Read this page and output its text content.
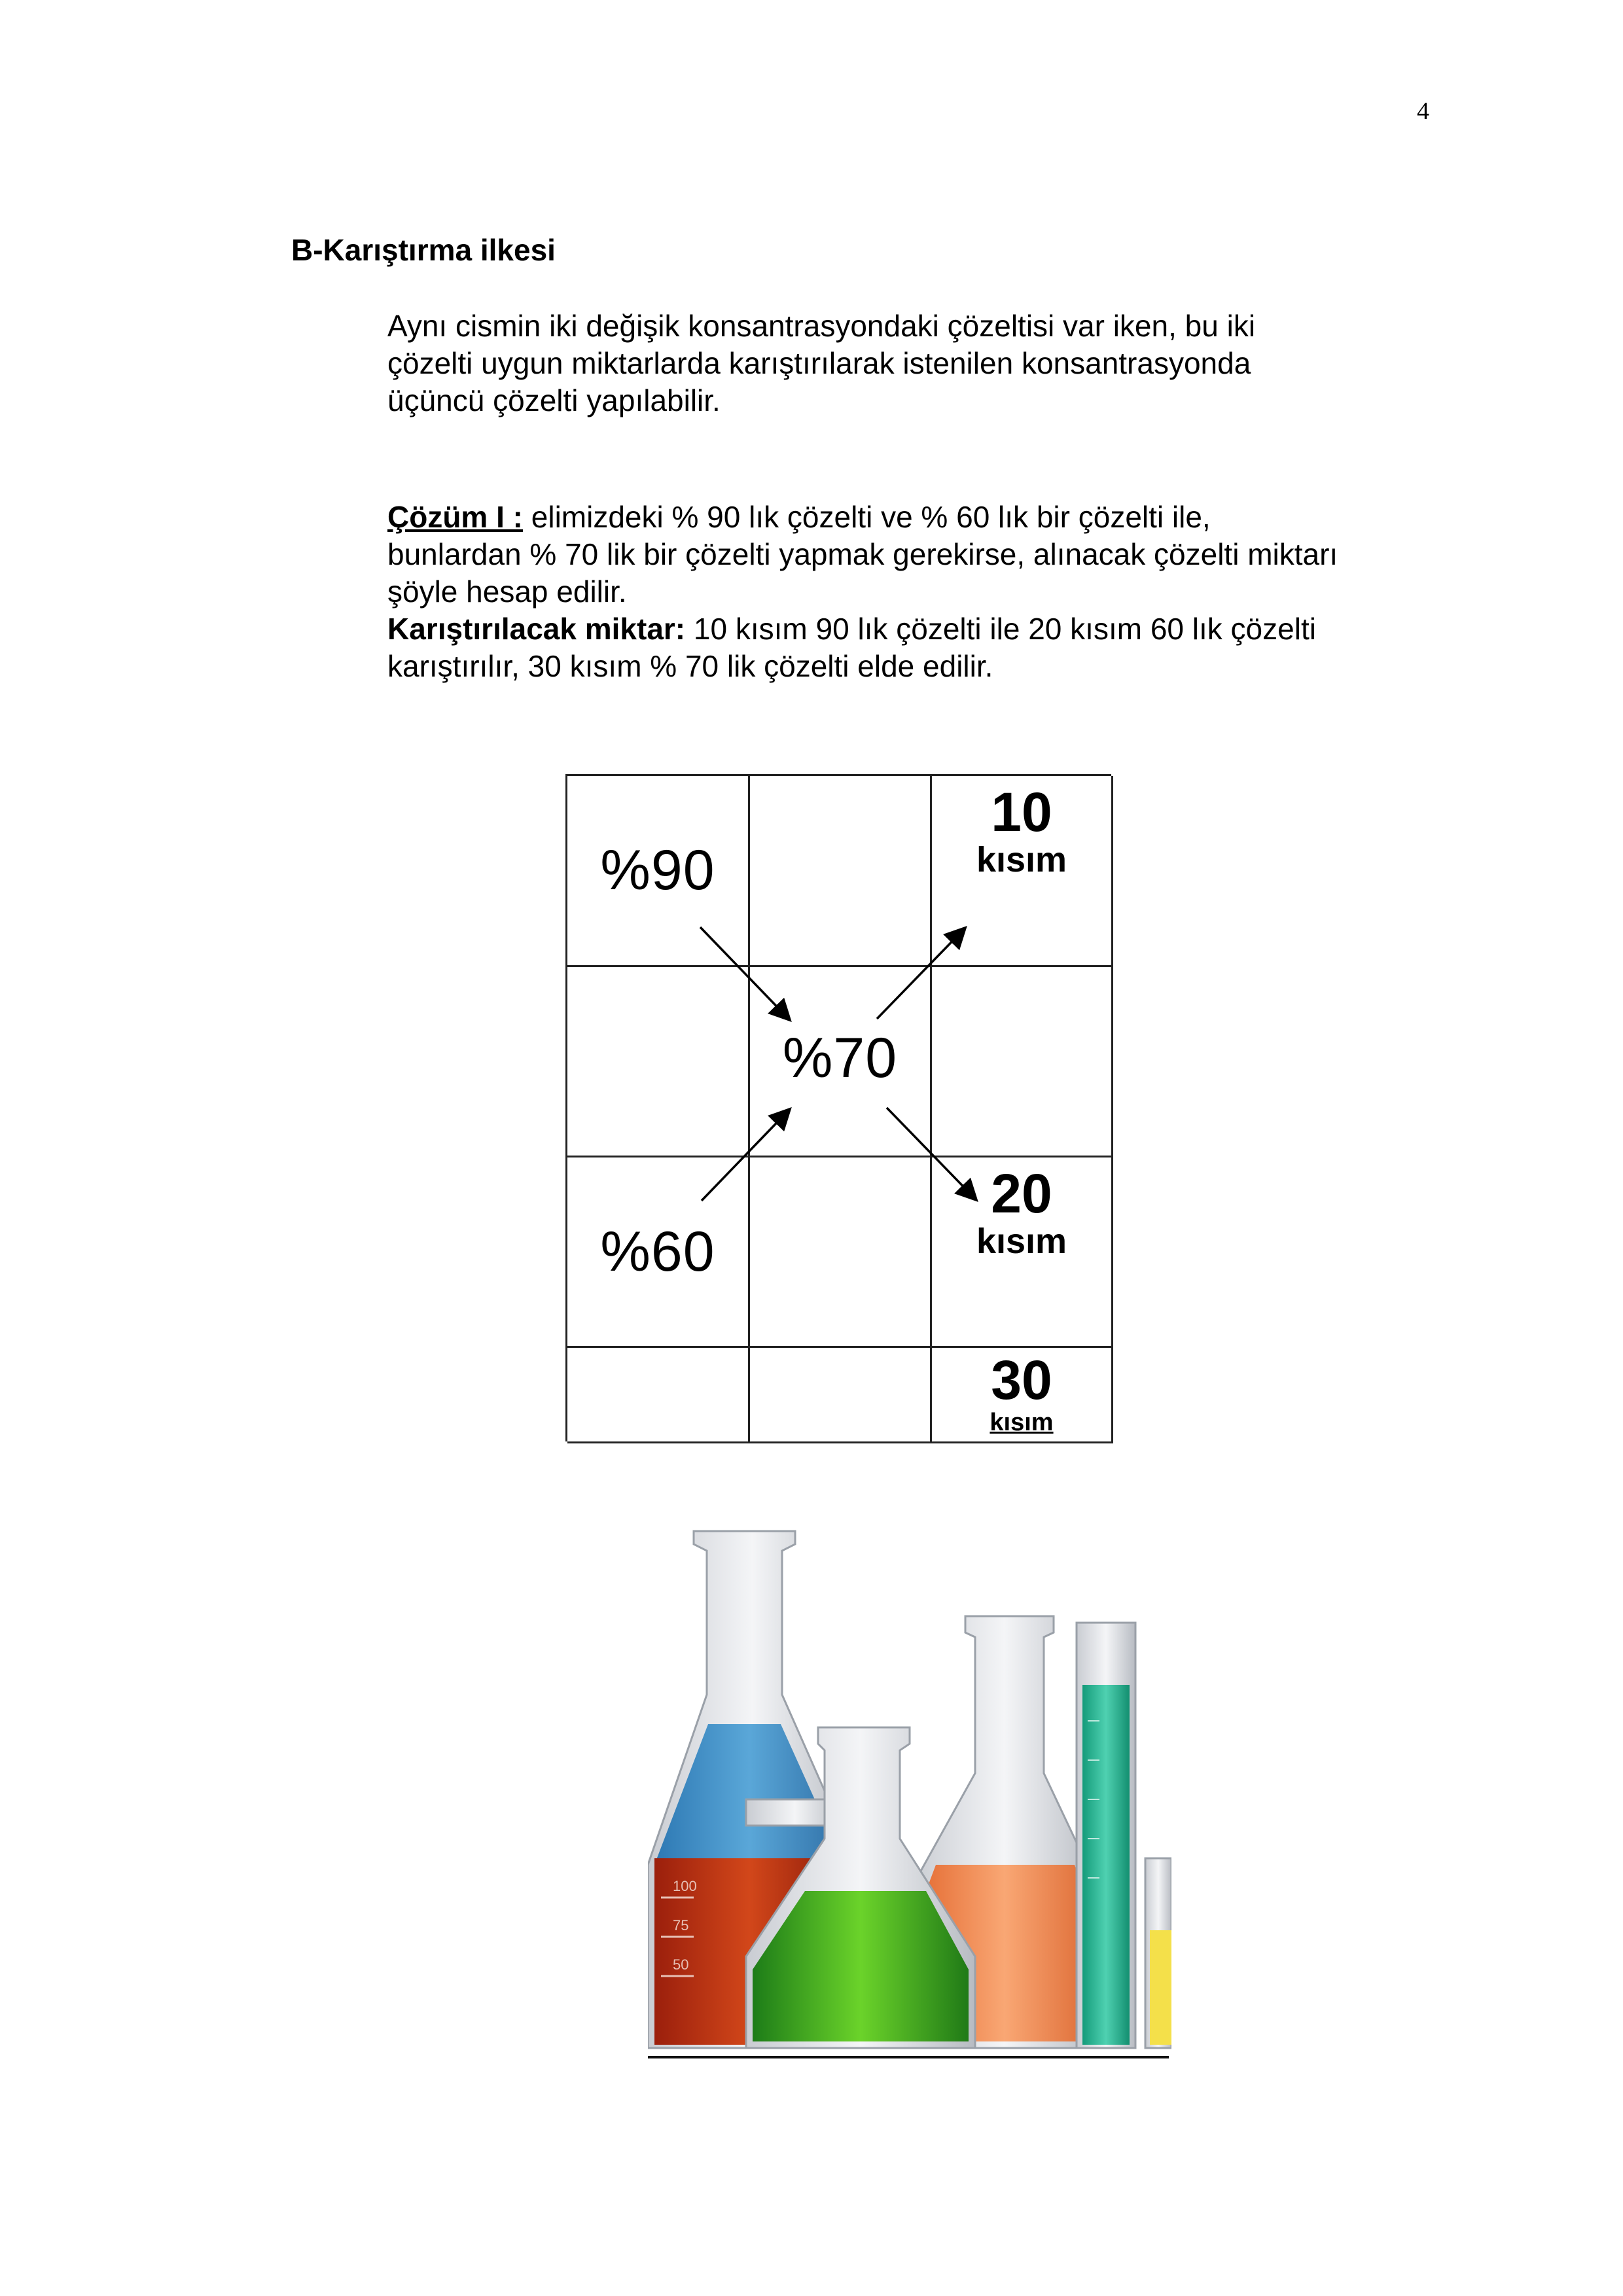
4
B-Karıştırma ilkesi
Aynı cismin iki değişik konsantrasyondaki çözeltisi var iken, bu iki
çözelti uygun miktarlarda karıştırılarak istenilen konsantrasyonda
üçüncü çözelti yapılabilir.
Çözüm I : elimizdeki % 90 lık çözelti ve % 60 lık bir çözelti ile,
bunlardan % 70 lik bir çözelti yapmak gerekirse, alınacak çözelti miktarı
şöyle hesap edilir.
Karıştırılacak miktar: 10 kısım 90 lık çözelti ile 20 kısım 60 lık çözelti
karıştırılır, 30 kısım % 70 lik çözelti elde edilir.
%90
10
kısım
%70
%60
20
kısım
30
kısım
100
75
50
